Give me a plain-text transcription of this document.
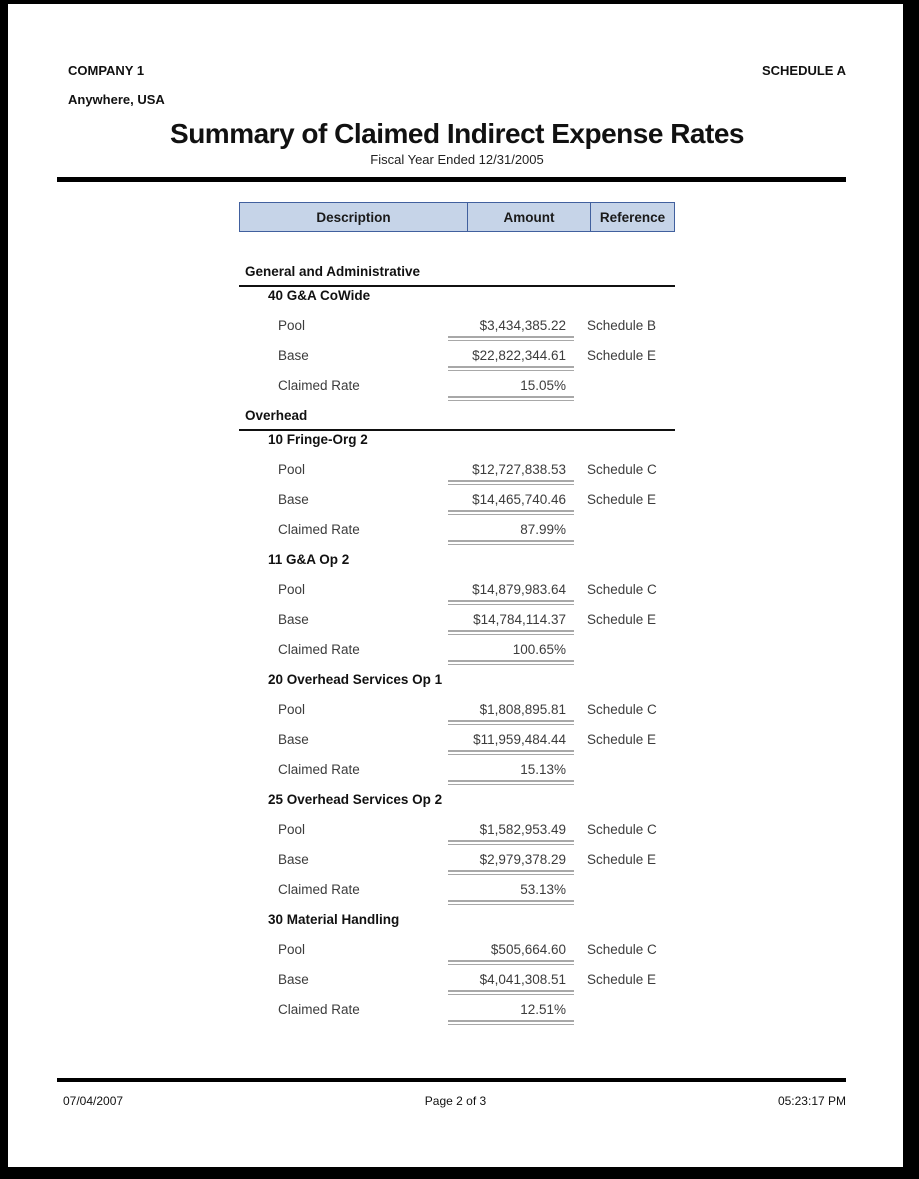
COMPANY 1	SCHEDULE A
Anywhere, USA
Summary of Claimed Indirect Expense Rates
Fiscal Year Ended 12/31/2005
Description	Amount	Reference
General and Administrative
40 G&A CoWide
Pool	$3,434,385.22	Schedule B
Base	$22,822,344.61	Schedule E
Claimed Rate	15.05%
Overhead
10 Fringe-Org 2
Pool	$12,727,838.53	Schedule C
Base	$14,465,740.46	Schedule E
Claimed Rate	87.99%
11 G&A Op 2
Pool	$14,879,983.64	Schedule C
Base	$14,784,114.37	Schedule E
Claimed Rate	100.65%
20 Overhead Services Op 1
Pool	$1,808,895.81	Schedule C
Base	$11,959,484.44	Schedule E
Claimed Rate	15.13%
25 Overhead Services Op 2
Pool	$1,582,953.49	Schedule C
Base	$2,979,378.29	Schedule E
Claimed Rate	53.13%
30 Material Handling
Pool	$505,664.60	Schedule C
Base	$4,041,308.51	Schedule E
Claimed Rate	12.51%
07/04/2007	Page 2 of 3	05:23:17 PM
